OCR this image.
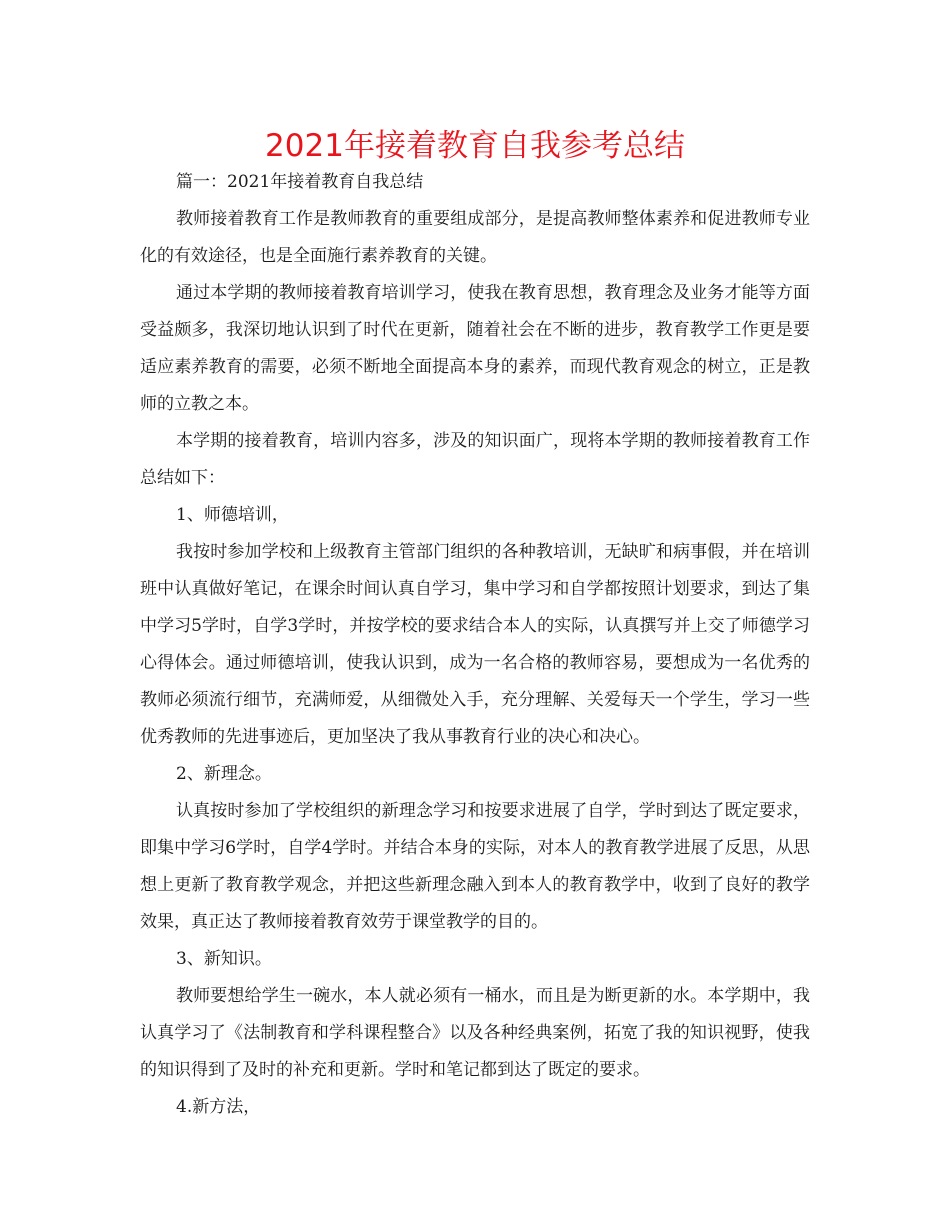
2021年接着教育自我参考总结

篇一：2021年接着教育自我总结

教师接着教育工作是教师教育的重要组成部分，是提高教师整体素养和促进教师专业化的有效途径，也是全面施行素养教育的关键。

通过本学期的教师接着教育培训学习，使我在教育思想，教育理念及业务才能等方面受益颇多，我深切地认识到了时代在更新，随着社会在不断的进步，教育教学工作更是要适应素养教育的需要，必须不断地全面提高本身的素养，而现代教育观念的树立，正是教师的立教之本。

本学期的接着教育，培训内容多，涉及的知识面广，现将本学期的教师接着教育工作总结如下：

1、师德培训，

我按时参加学校和上级教育主管部门组织的各种教培训，无缺旷和病事假，并在培训班中认真做好笔记，在课余时间认真自学习，集中学习和自学都按照计划要求，到达了集中学习5学时，自学3学时，并按学校的要求结合本人的实际，认真撰写并上交了师德学习心得体会。通过师德培训，使我认识到，成为一名合格的教师容易，要想成为一名优秀的教师必须流行细节，充满师爱，从细微处入手，充分理解、关爱每天一个学生，学习一些优秀教师的先进事迹后，更加坚决了我从事教育行业的决心和决心。

2、新理念。

认真按时参加了学校组织的新理念学习和按要求进展了自学，学时到达了既定要求，即集中学习6学时，自学4学时。并结合本身的实际，对本人的教育教学进展了反思，从思想上更新了教育教学观念，并把这些新理念融入到本人的教育教学中，收到了良好的教学效果，真正达了教师接着教育效劳于课堂教学的目的。

3、新知识。

教师要想给学生一碗水，本人就必须有一桶水，而且是为断更新的水。本学期中，我认真学习了《法制教育和学科课程整合》以及各种经典案例，拓宽了我的知识视野，使我的知识得到了及时的补充和更新。学时和笔记都到达了既定的要求。

4.新方法，
